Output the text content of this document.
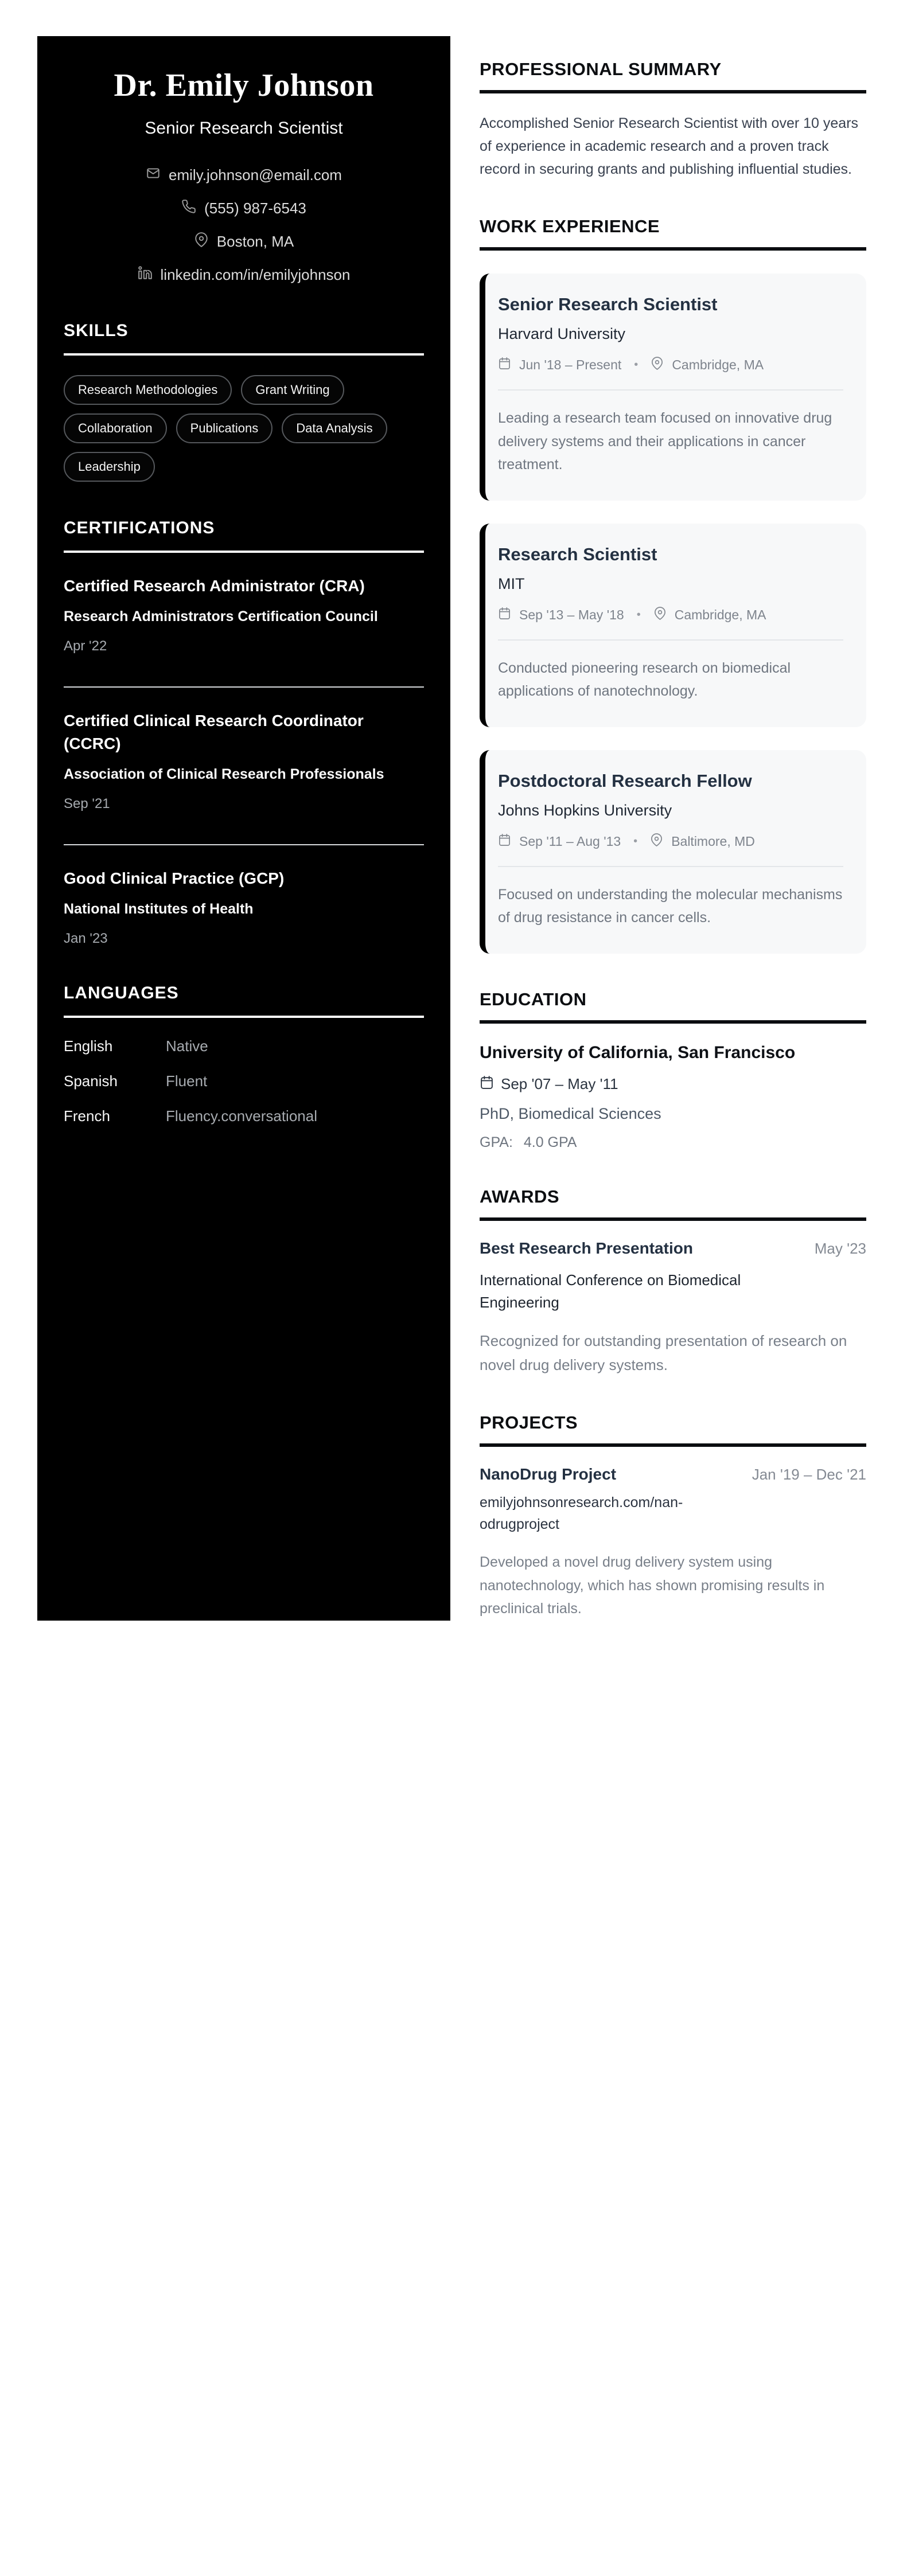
Dr. Emily Johnson
Senior Research Scientist
emily.johnson@email.com
(555) 987-6543
Boston, MA
linkedin.com/in/emilyjohnson
SKILLS
Research Methodologies	Grant Writing
Collaboration	Publications	Data Analysis
Leadership
CERTIFICATIONS
Certified Research Administrator (CRA)
Research Administrators Certification Council
Apr '22
Certified Clinical Research Coordinator (CCRC)
Association of Clinical Research Professionals
Sep '21
Good Clinical Practice (GCP)
National Institutes of Health
Jan '23
LANGUAGES
English	Native
Spanish	Fluent
French	Fluency.conversational
PROFESSIONAL SUMMARY

Accomplished Senior Research Scientist with over 10 years of experience in academic research and a proven track record in securing grants and publishing influential studies.

WORK EXPERIENCE
Senior Research Scientist
Harvard University
Jun '18 – Present	•	Cambridge, MA

Leading a research team focused on innovative drug delivery systems and their applications in cancer treatment.

Research Scientist
MIT
Sep '13 – May '18	•	Cambridge, MA

Conducted pioneering research on biomedical applications of nanotechnology.

Postdoctoral Research Fellow
Johns Hopkins University
Sep '11 – Aug '13	•	Baltimore, MD

Focused on understanding the molecular mechanisms of drug resistance in cancer cells.

EDUCATION
University of California, San Francisco
Sep '07 – May '11
PhD, Biomedical Sciences
GPA: 4.0 GPA
AWARDS
Best Research Presentation	May '23
International Conference on Biomedical Engineering

Recognized for outstanding presentation of research on novel drug delivery systems.

PROJECTS
NanoDrug Project	Jan '19 – Dec '21
emilyjohnsonresearch.com/nanodrugproject

Developed a novel drug delivery system using nanotechnology, which has shown promising results in preclinical trials.
